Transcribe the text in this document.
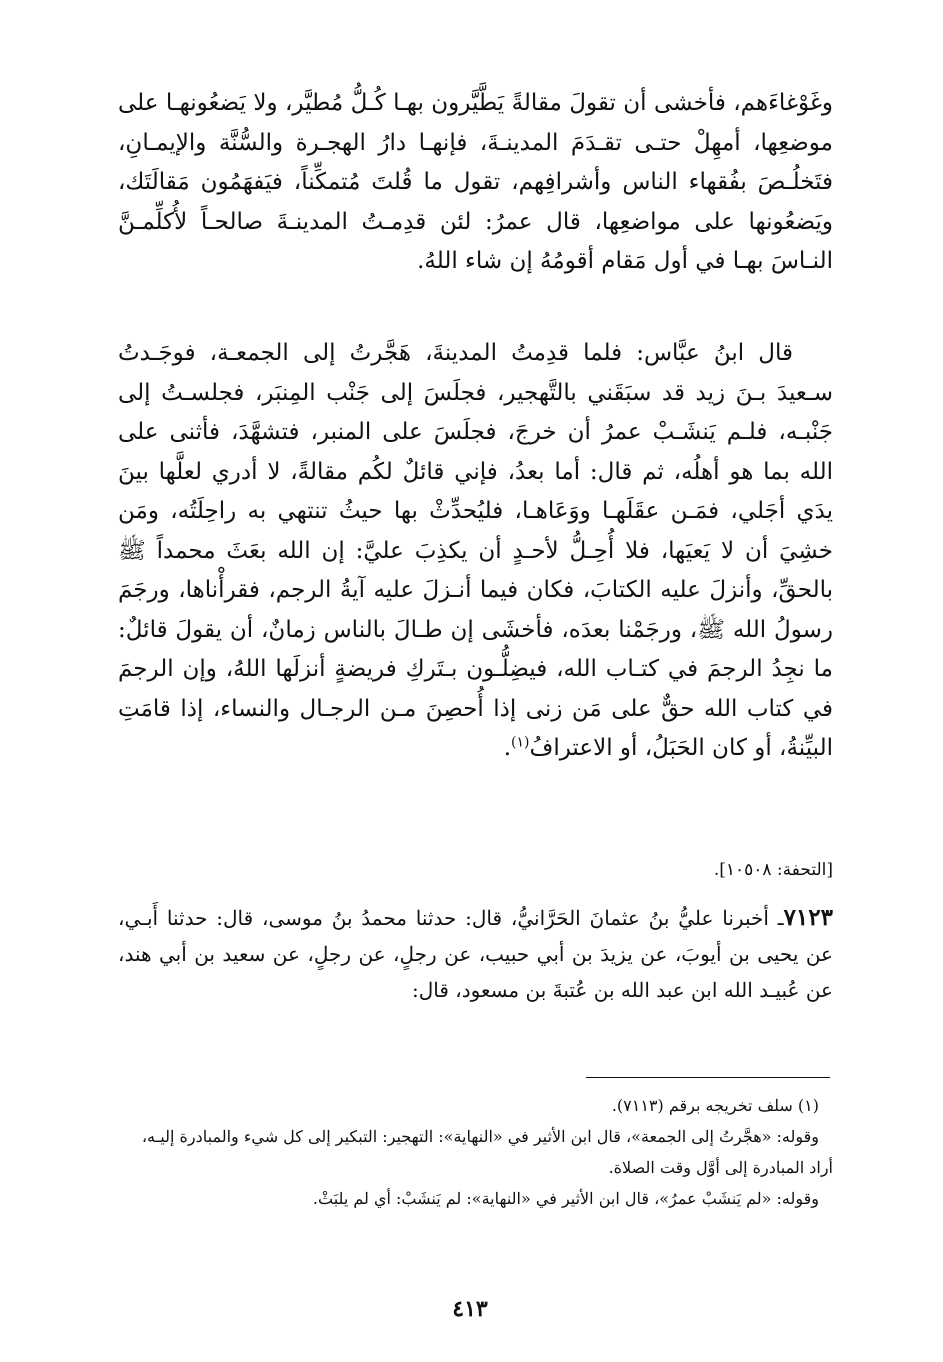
وغَوْغاءَهم، فأخشى أن تقولَ مقالةً يَطَّيَّرون بهـا كُـلُّ مُطيَّر، ولا يَضعُونهـا على موضعِها، أمهِلْ حتـى تقـدَمَ المدينـةَ، فإنهـا دارُ الهجـرة والسُّنَّة والإيمـانِ، فتَخلُـصَ بفُقهاء الناس وأشرافِهم، تقول ما قُلتَ مُتمكِّناً، فيَفهَمُون مَقالَتَك، ويَضعُونها على مواضعِها، قال عمرُ: لئن قدِمـتُ المدينـةَ صالحـاً لأُكلِّمـنَّ النـاسَ بهـا في أول مَقام أقومُهُ إن شاء اللهُ.
قال ابنُ عبَّاس: فلما قدِمتُ المدينةَ، هَجَّرتُ إلى الجمعـة، فوجَـدتُ سـعيدَ بـنَ زيد قد سبَقَني بالتَّهجير، فجلَسَ إلى جَنْب المِنبَر، فجلسـتُ إلى جَنْبـه، فلـم يَنشَـبْ عمرُ أن خرجَ، فجلَسَ على المنبر، فتشهَّدَ، فأثنى على الله بما هو أهلُه، ثم قال: أما بعدُ، فإني قائلٌ لكُم مقالةً، لا أدري لعلَّها بينَ يدَي أجَلي، فمَـن عقَلَهـا ووَعَاهـا، فليُحدِّثْ بها حيثُ تنتهي به راحِلَتُه، ومَن خشِيَ أن لا يَعيَها، فلا أُحِـلُّ لأحـدٍ أن يكذِبَ عليَّ: إن الله بعَثَ محمداً ﷺ بالحقِّ، وأنزلَ عليه الكتابَ، فكان فيما أنـزلَ عليه آيةُ الرجم، فقرأْناها، ورجَمَ رسولُ الله ﷺ، ورجَمْنا بعدَه، فأخشَى إن طـالَ بالناس زمانٌ، أن يقولَ قائلٌ: ما نجِدُ الرجمَ في كتـاب الله، فيضِلُّـون بـتَركِ فريضةٍ أنزلَها اللهُ، وإن الرجمَ في كتاب الله حقٌّ على مَن زنى إذا أُحصِنَ مـن الرجـال والنساء، إذا قامَتِ البيِّنةُ، أو كان الحَبَلُ، أو الاعترافُ$^{(١)}$.
[التحفة: ١٠٥٠٨].
٧١٢٣ـ أخبرنا عليُّ بنُ عثمانَ الحَرَّانيُّ، قال: حدثنا محمدُ بنُ موسى، قال: حدثنا أَبـي، عن يحيى بن أيوبَ، عن يزيدَ بن أبي حبيب، عن رجلٍ، عن رجلٍ، عن سعيد بن أبي هند، عن عُبيـد الله ابن عبد الله بن عُتبةَ بن مسعود، قال:

(١) سلف تخريجه برقم (٧١١٣).

وقوله: «هجَّرتُ إلى الجمعة»، قال ابن الأثير في «النهاية»: التهجير: التبكير إلى كل شيء والمبادرة إليـه،

أراد المبادرة إلى أوَّل وقت الصلاة.

وقوله: «لم يَنشَبْ عمرُ»، قال ابن الأثير في «النهاية»: لم يَنشَبْ: أي لم يلبَثْ.

٤١٣
